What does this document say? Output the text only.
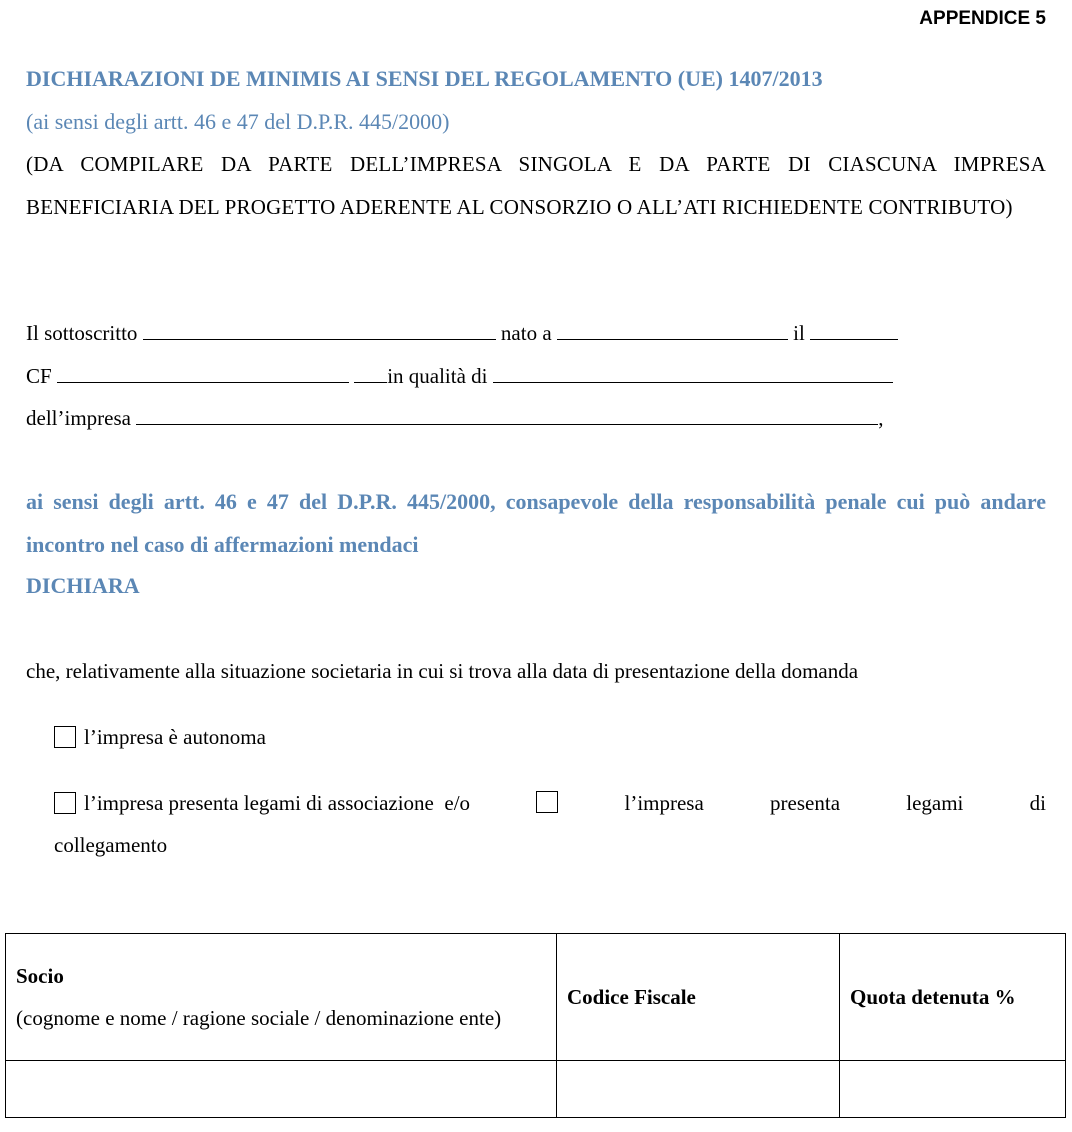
APPENDICE 5
DICHIARAZIONI DE MINIMIS AI SENSI DEL REGOLAMENTO (UE) 1407/2013
(ai sensi degli artt. 46 e 47 del D.P.R. 445/2000)
(DA COMPILARE DA PARTE DELL’IMPRESA SINGOLA E DA PARTE DI CIASCUNA IMPRESA BENEFICIARIA DEL PROGETTO ADERENTE AL CONSORZIO O ALL’ATI RICHIEDENTE CONTRIBUTO)
Il sottoscritto	nato a	il
CF	in qualità di
dell’impresa	,
ai sensi degli artt. 46 e 47 del D.P.R. 445/2000, consapevole della responsabilità penale cui può andare incontro nel caso di affermazioni mendaci
DICHIARA
che, relativamente alla situazione societaria in cui si trova alla data di presentazione della domanda
l’impresa è autonoma
l’impresa presenta legami di associazione e/o	l’impresa	presenta	legami	di
collegamento
Socio
(cognome e nome / ragione sociale / denominazione ente)	Codice Fiscale	Quota detenuta %
